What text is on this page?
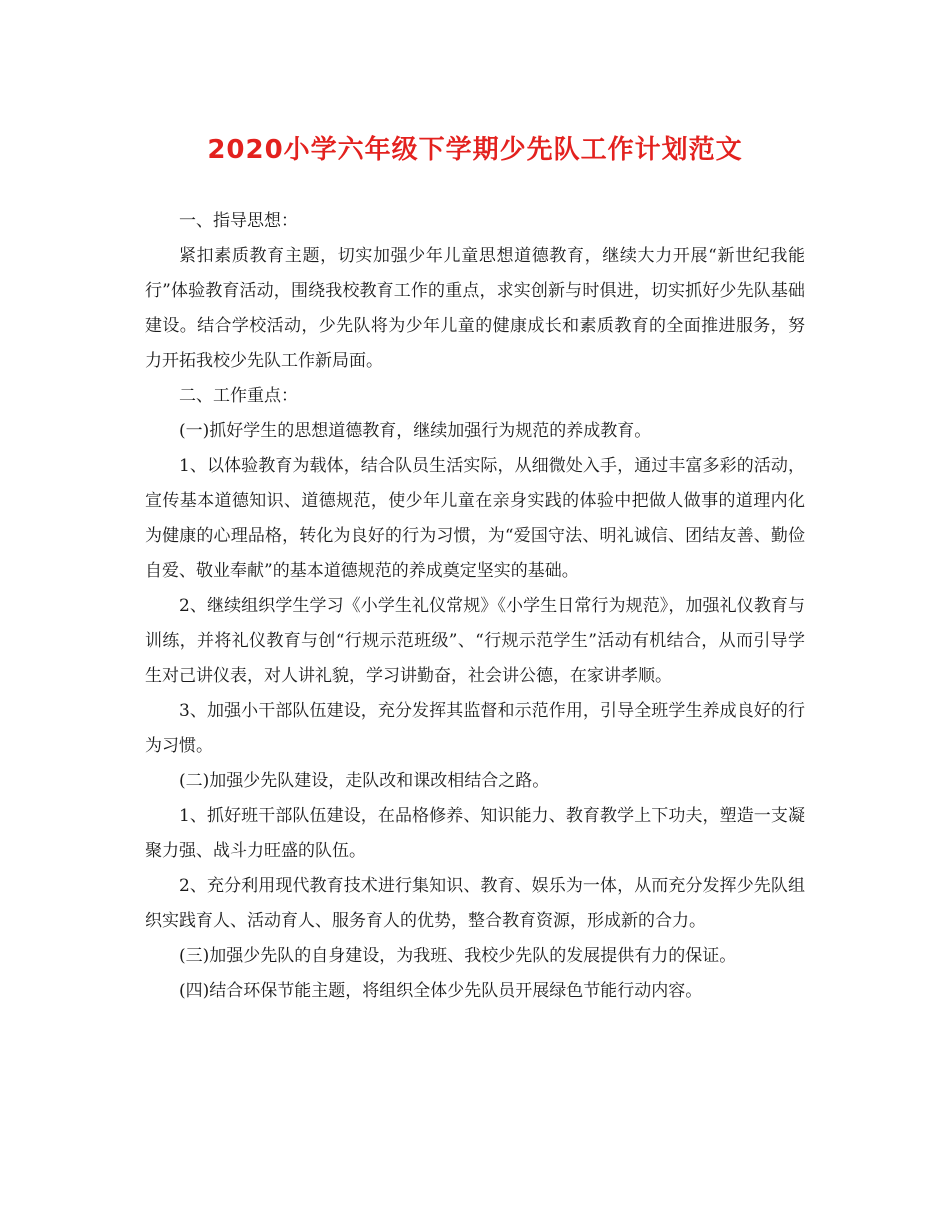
2020小学六年级下学期少先队工作计划范文

一、指导思想：

紧扣素质教育主题，切实加强少年儿童思想道德教育，继续大力开展“新世纪我能行”体验教育活动，围绕我校教育工作的重点，求实创新与时俱进，切实抓好少先队基础建设。结合学校活动，少先队将为少年儿童的健康成长和素质教育的全面推进服务，努力开拓我校少先队工作新局面。

二、工作重点：

(一)抓好学生的思想道德教育，继续加强行为规范的养成教育。

1、以体验教育为载体，结合队员生活实际，从细微处入手，通过丰富多彩的活动，宣传基本道德知识、道德规范，使少年儿童在亲身实践的体验中把做人做事的道理内化为健康的心理品格，转化为良好的行为习惯，为“爱国守法、明礼诚信、团结友善、勤俭自爱、敬业奉献”的基本道德规范的养成奠定坚实的基础。

2、继续组织学生学习《小学生礼仪常规》《小学生日常行为规范》，加强礼仪教育与训练，并将礼仪教育与创“行规示范班级”、“行规示范学生”活动有机结合，从而引导学生对己讲仪表，对人讲礼貌，学习讲勤奋，社会讲公德，在家讲孝顺。

3、加强小干部队伍建设，充分发挥其监督和示范作用，引导全班学生养成良好的行为习惯。

(二)加强少先队建设，走队改和课改相结合之路。

1、抓好班干部队伍建设，在品格修养、知识能力、教育教学上下功夫，塑造一支凝聚力强、战斗力旺盛的队伍。

2、充分利用现代教育技术进行集知识、教育、娱乐为一体，从而充分发挥少先队组织实践育人、活动育人、服务育人的优势，整合教育资源，形成新的合力。

(三)加强少先队的自身建设，为我班、我校少先队的发展提供有力的保证。

(四)结合环保节能主题，将组织全体少先队员开展绿色节能行动内容。
